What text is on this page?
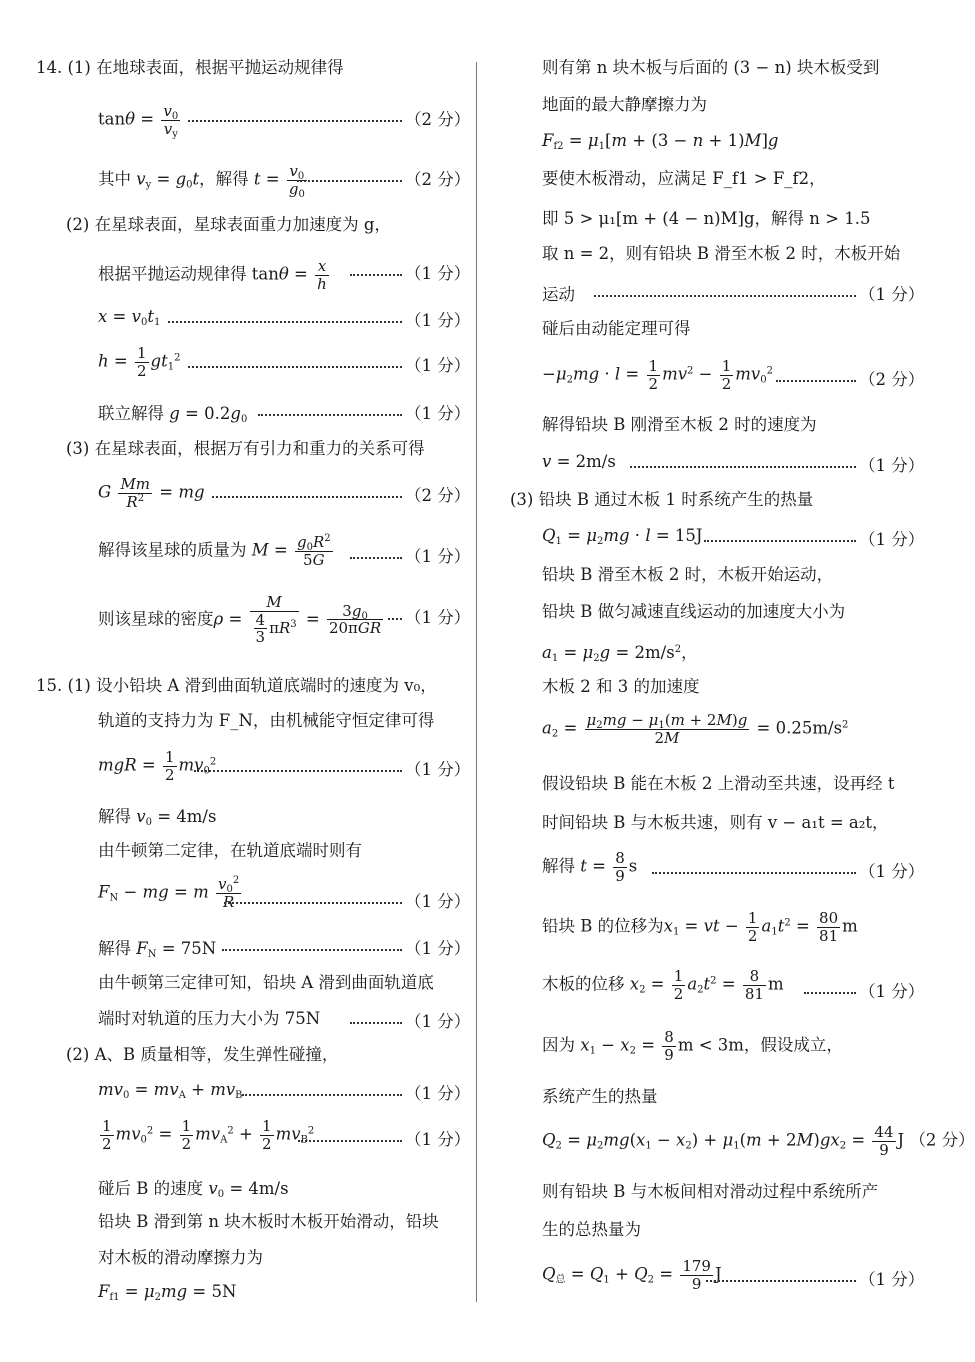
14. (1) 在地球表面，根据平抛运动规律得
$\tan\theta = \frac{v_0}{v_y}$	（2 分）
其中 $v_y = g_0t$，解得 $t = \frac{v_0}{g_0}$	（2 分）
(2) 在星球表面，星球表面重力加速度为 g，
根据平抛运动规律得 $\tan\theta = \frac{x}{h}$	（1 分）
$x = v_0t_1$	（1 分）
$h = \frac{1}{2} gt_1^2$	（1 分）
联立解得 $g = 0.2g_0$	（1 分）
(3) 在星球表面，根据万有引力和重力的关系可得
G $\frac{Mm}{R^2}$ = mg	（2 分）
解得该星球的质量为 $M = \frac{g_0R^2}{5G}$	（1 分）
则该星球的密度$\rho = \frac{M}{\frac{4}{3} \pi R^3} = \frac{3g_0}{\text{20πGR}} (1$ 分）
15. (1) 设小铅块 A 滑到曲面轨道底端时的速度为 v₀，
轨道的支持力为 F_N，由机械能守恒定律可得
mgR = $\frac{1}{2} mv_0^2$	（1 分）
解得 $v_0 = 4m/s$
由牛顿第二定律，在轨道底端时则有
$F_N$ − mg = m $\frac{v_0^2}{R}$	（1 分）
解得 $F_N = 75N$	（1 分）
由牛顿第三定律可知，铅块 A 滑到曲面轨道底
端时对轨道的压力大小为 75N	（1 分）
(2) A、B 质量相等，发生弹性碰撞，
$mv_0 = mv_A + mv_B$	（1 分）
$\frac{1}{2} mv_0^2 = \frac{1}{2} mv_A^2 + \frac{1}{2} mv_B^2$	（1 分）
碰后 B 的速度 $v_0 = 4m/s$
铅块 B 滑到第 n 块木板时木板开始滑动，铅块
对木板的滑动摩擦力为
$F_{f1} = \mu_2mg = 5N$
则有第 n 块木板与后面的 (3 − n) 块木板受到
地面的最大静摩擦力为
$F_{f2} = \mu_1[m + (3 - n + 1)M]g$
要使木板滑动，应满足 F_f1 > F_f2，
即 5 > μ₁[m + (4 − n)M]g，解得 n > 1.5
取 n = 2，则有铅块 B 滑至木板 2 时，木板开始
运动	（1 分）
碰后由动能定理可得
$-\mu_2mg \cdot l = \frac{1}{2} mv^2 - \frac{1}{2} mv_0^2$	（2 分）
解得铅块 B 刚滑至木板 2 时的速度为
v = 2m/s	（1 分）
(3) 铅块 B 通过木板 1 时系统产生的热量
$Q_1 = \mu_2mg \cdot l = 15J$	（1 分）
铅块 B 滑至木板 2 时，木板开始运动，
铅块 B 做匀减速直线运动的加速度大小为
$a_1 = \mu_2g = 2m/s^2$，
木板 2 和 3 的加速度
$a_2 = \frac{\mu_2mg - \mu_1(m + 2M)g}{2M} = 0.25m/s^2$
假设铅块 B 能在木板 2 上滑动至共速，设再经 t
时间铅块 B 与木板共速，则有 v − a₁t = a₂t，
解得 $t = \frac{8}{9}$ s	（1 分）
铅块 B 的位移为$x_1$ = vt − $\frac{1}{2} a_1t^2 = \frac{80}{81}$ m
木板的位移 $x_2 = \frac{1}{2} a_2t^2 = \frac{8}{81}$ m	（1 分）
因为 $x_1 - x_2 = \frac{8}{9}$ m < 3m，假设成立，
系统产生的热量
$Q_2 = \mu_2mg(x_1 - x_2) + \mu_1(m + 2M)gx_2 = \frac{44}{9}$ J （2 分）
则有铅块 B 与木板间相对滑动过程中系统所产
生的总热量为
$Q_总 = Q_1 + Q_2 = \frac{179}{9}$ J	（1 分）
